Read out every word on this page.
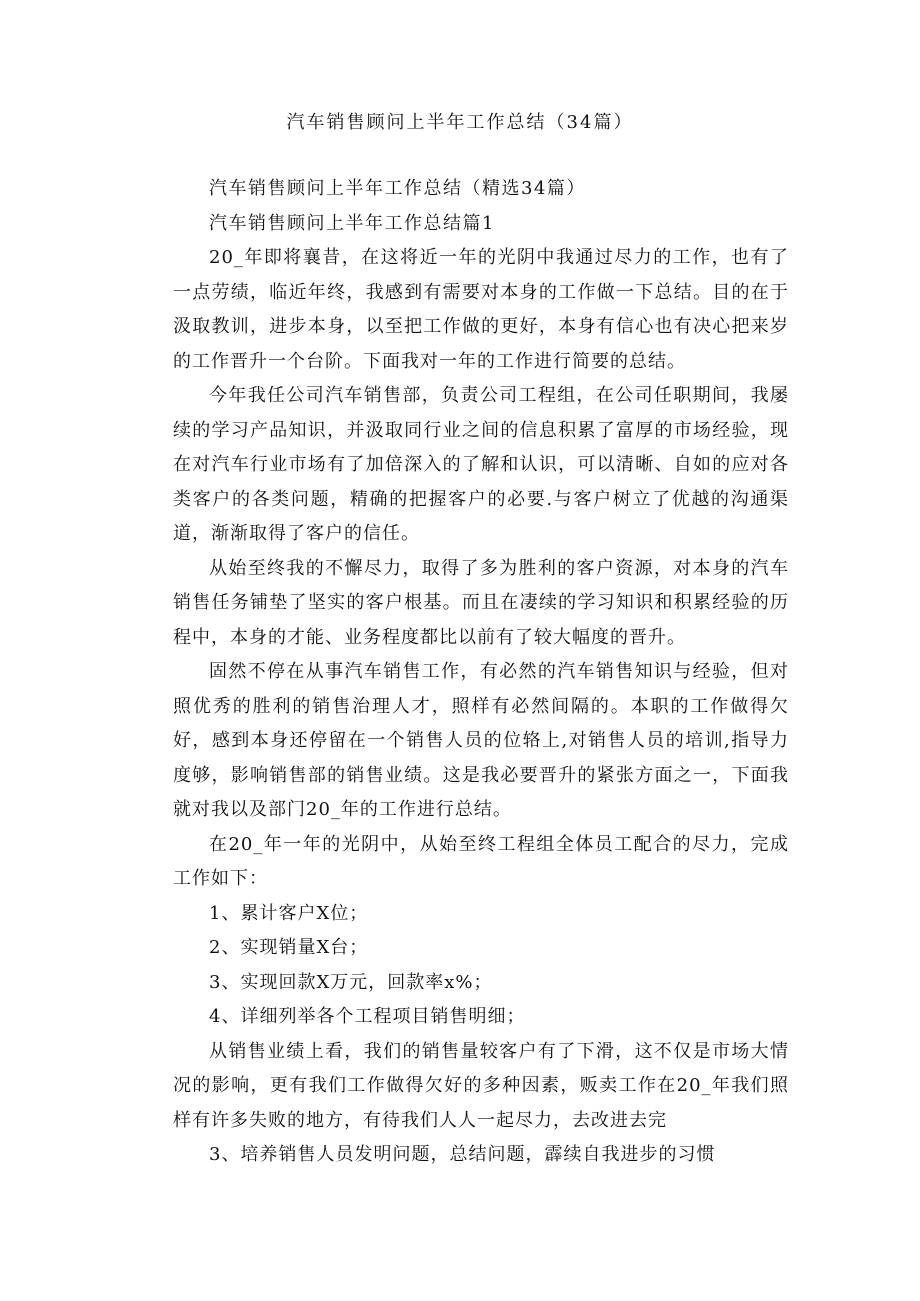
汽车销售顾问上半年工作总结（34篇）

汽车销售顾问上半年工作总结（精选34篇）

汽车销售顾问上半年工作总结篇1

20_年即将襄昔，在这将近一年的光阴中我通过尽力的工作，也有了一点劳绩，临近年终，我感到有需要对本身的工作做一下总结。目的在于汲取教训，进步本身，以至把工作做的更好，本身有信心也有决心把来岁的工作晋升一个台阶。下面我对一年的工作进行简要的总结。

今年我任公司汽车销售部，负责公司工程组，在公司任职期间，我屡续的学习产品知识，并汲取同行业之间的信息积累了富厚的市场经验，现在对汽车行业市场有了加倍深入的了解和认识，可以清晰、自如的应对各类客户的各类问题，精确的把握客户的必要.与客户树立了优越的沟通渠道，渐渐取得了客户的信任。

从始至终我的不懈尽力，取得了多为胜利的客户资源，对本身的汽车销售任务铺垫了坚实的客户根基。而且在凄续的学习知识和积累经验的历程中，本身的才能、业务程度都比以前有了较大幅度的晋升。

固然不停在从事汽车销售工作，有必然的汽车销售知识与经验，但对照优秀的胜利的销售治理人才，照样有必然间隔的。本职的工作做得欠好，感到本身还停留在一个销售人员的位辂上,对销售人员的培训,指导力度够，影响销售部的销售业绩。这是我必要晋升的紧张方面之一，下面我就对我以及部门20_年的工作进行总结。

在20_年一年的光阴中，从始至终工程组全体员工配合的尽力，完成工作如下：

1、累计客户X位；

2、实现销量X台；

3、实现回款X万元，回款率x%；

4、详细列举各个工程项目销售明细；

从销售业绩上看，我们的销售量较客户有了下滑，这不仅是市场大情况的影响，更有我们工作做得欠好的多种因素，贩卖工作在20_年我们照样有许多失败的地方，有待我们人人一起尽力，去改进去完

3、培养销售人员发明问题，总结问题，霹续自我进步的习惯
